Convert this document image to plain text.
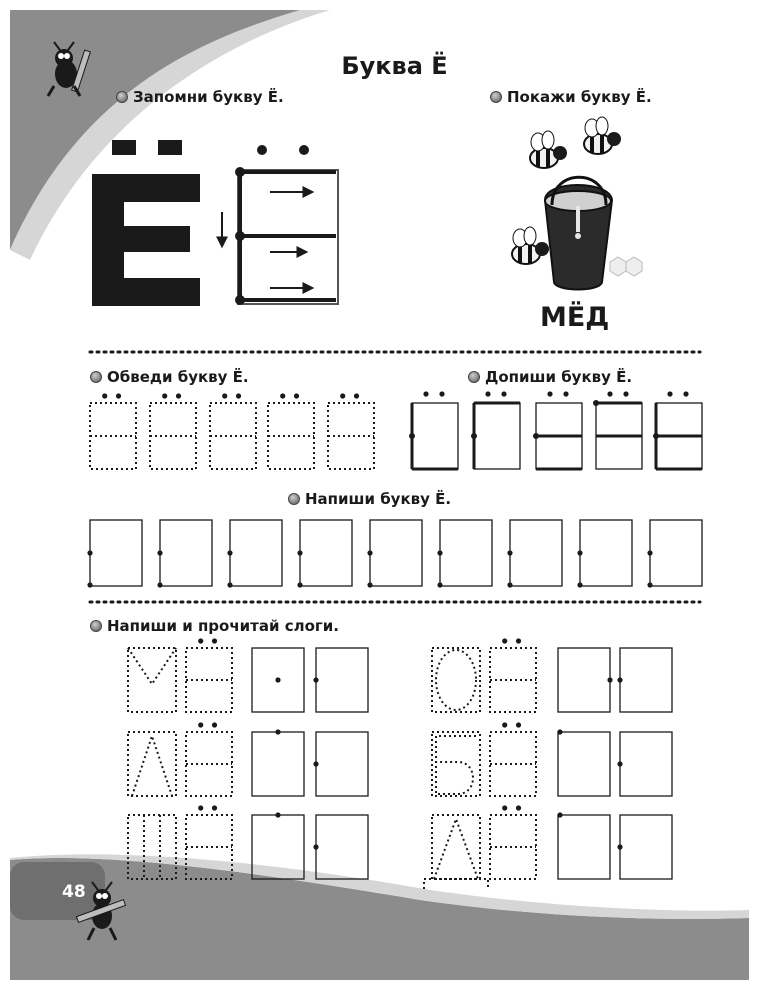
Буква Ё
Запомни букву Ё.	Покажи букву Ё.
Обведи букву Ё.	Допиши букву Ё.
Напиши букву Ё.
Напиши и прочитай слоги.
МЁД
48
